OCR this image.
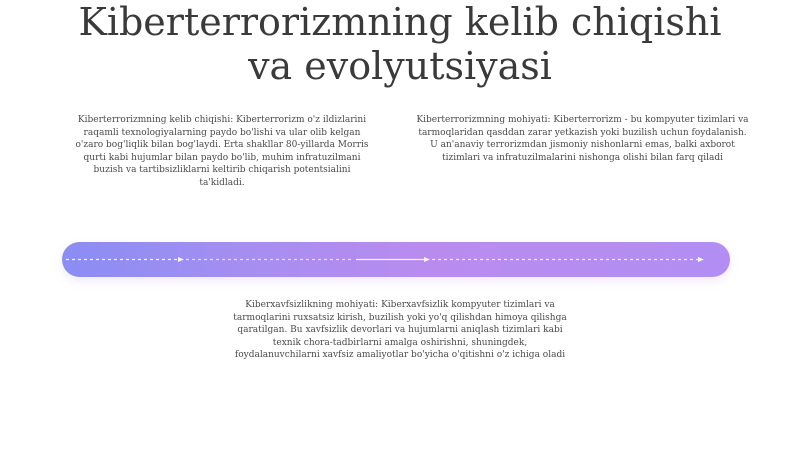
Kiberterrorizmning kelib chiqishi
va evolyutsiyasi
Kiberterrorizmning kelib chiqishi: Kiberterrorizm o'z ildizlarini raqamli texnologiyalarning paydo bo'lishi va ular olib kelgan o'zaro bog'liqlik bilan bog'laydi. Erta shakllar 80-yillarda Morris qurti kabi hujumlar bilan paydo bo'lib, muhim infratuzilmani buzish va tartibsizliklarni keltirib chiqarish potentsialini ta'kidladi.
Kiberterrorizmning mohiyati: Kiberterrorizm - bu kompyuter tizimlari va tarmoqlaridan qasddan zarar yetkazish yoki buzilish uchun foydalanish. U an'anaviy terrorizmdan jismoniy nishonlarni emas, balki axborot tizimlari va infratuzilmalarini nishonga olishi bilan farq qiladi
Kiberxavfsizlikning mohiyati: Kiberxavfsizlik kompyuter tizimlari va tarmoqlarini ruxsatsiz kirish, buzilish yoki yo'q qilishdan himoya qilishga qaratilgan. Bu xavfsizlik devorlari va hujumlarni aniqlash tizimlari kabi texnik chora-tadbirlarni amalga oshirishni, shuningdek, foydalanuvchilarni xavfsiz amaliyotlar bo'yicha o'qitishni o'z ichiga oladi
